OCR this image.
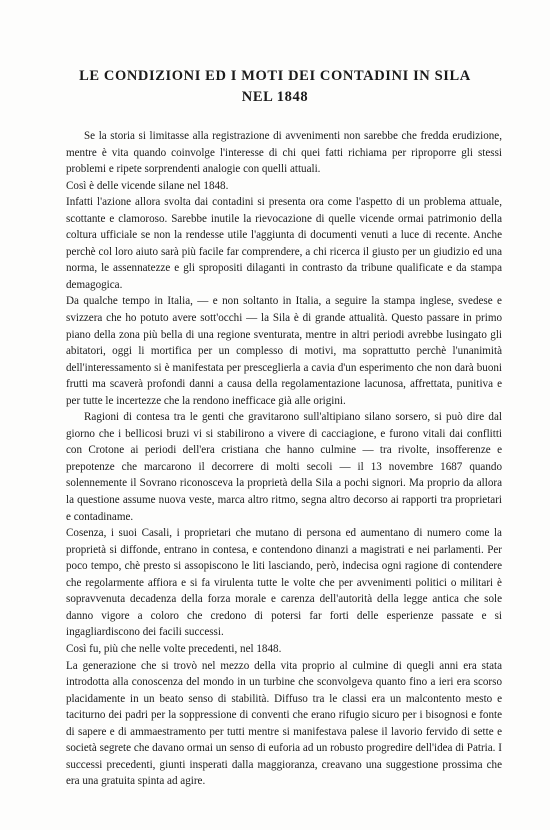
LE CONDIZIONI ED I MOTI DEI CONTADINI IN SILA
NEL 1848

Se la storia si limitasse alla registrazione di avvenimenti non sarebbe che fredda erudizione, mentre è vita quando coinvolge l'interesse di chi quei fatti richiama per riproporre gli stessi problemi e ripete sorprendenti analogie con quelli attuali.

Così è delle vicende silane nel 1848.

Infatti l'azione allora svolta dai contadini si presenta ora come l'aspetto di un problema attuale, scottante e clamoroso. Sarebbe inutile la rievocazione di quelle vicende ormai patrimonio della coltura ufficiale se non la rendesse utile l'aggiunta di documenti venuti a luce di recente. Anche perchè col loro aiuto sarà più facile far comprendere, a chi ricerca il giusto per un giudizio ed una norma, le assennatezze e gli spropositi dilaganti in contrasto da tribune qualificate e da stampa demagogica.

Da qualche tempo in Italia, — e non soltanto in Italia, a seguire la stampa inglese, svedese e svizzera che ho potuto avere sott'occhi — la Sila è di grande attualità. Questo passare in primo piano della zona più bella di una regione sventurata, mentre in altri periodi avrebbe lusingato gli abitatori, oggi li mortifica per un complesso di motivi, ma soprattutto perchè l'unanimità dell'interessamento si è manifestata per presceglierla a cavia d'un esperimento che non darà buoni frutti ma scaverà profondi danni a causa della regolamentazione lacunosa, affrettata, punitiva e per tutte le incertezze che la rendono inefficace già alle origini.

Ragioni di contesa tra le genti che gravitarono sull'altipiano silano sorsero, si può dire dal giorno che i bellicosi bruzi vi si stabilirono a vivere di cacciagione, e furono vitali dai conflitti con Crotone ai periodi dell'era cristiana che hanno culmine — tra rivolte, insofferenze e prepotenze che marcarono il decorrere di molti secoli — il 13 novembre 1687 quando solennemente il Sovrano riconosceva la proprietà della Sila a pochi signori. Ma proprio da allora la questione assume nuova veste, marca altro ritmo, segna altro decorso ai rapporti tra proprietari e contadiname.

Cosenza, i suoi Casali, i proprietari che mutano di persona ed aumentano di numero come la proprietà si diffonde, entrano in contesa, e contendono dinanzi a magistrati e nei parlamenti. Per poco tempo, chè presto si assopiscono le liti lasciando, però, indecisa ogni ragione di contendere che regolarmente affiora e si fa virulenta tutte le volte che per avvenimenti politici o militari è sopravvenuta decadenza della forza morale e carenza dell'autorità della legge antica che sole danno vigore a coloro che credono di potersi far forti delle esperienze passate e si ingagliardiscono dei facili successi.

Così fu, più che nelle volte precedenti, nel 1848.

La generazione che si trovò nel mezzo della vita proprio al culmine di quegli anni era stata introdotta alla conoscenza del mondo in un turbine che sconvolgeva quanto fino a ieri era scorso placidamente in un beato senso di stabilità. Diffuso tra le classi era un malcontento mesto e taciturno dei padri per la soppressione di conventi che erano rifugio sicuro per i bisognosi e fonte di sapere e di ammaestramento per tutti mentre si manifestava palese il lavorio fervido di sette e società segrete che davano ormai un senso di euforia ad un robusto progredire dell'idea di Patria. I successi precedenti, giunti insperati dalla maggioranza, creavano una suggestione prossima che era una gratuita spinta ad agire.
